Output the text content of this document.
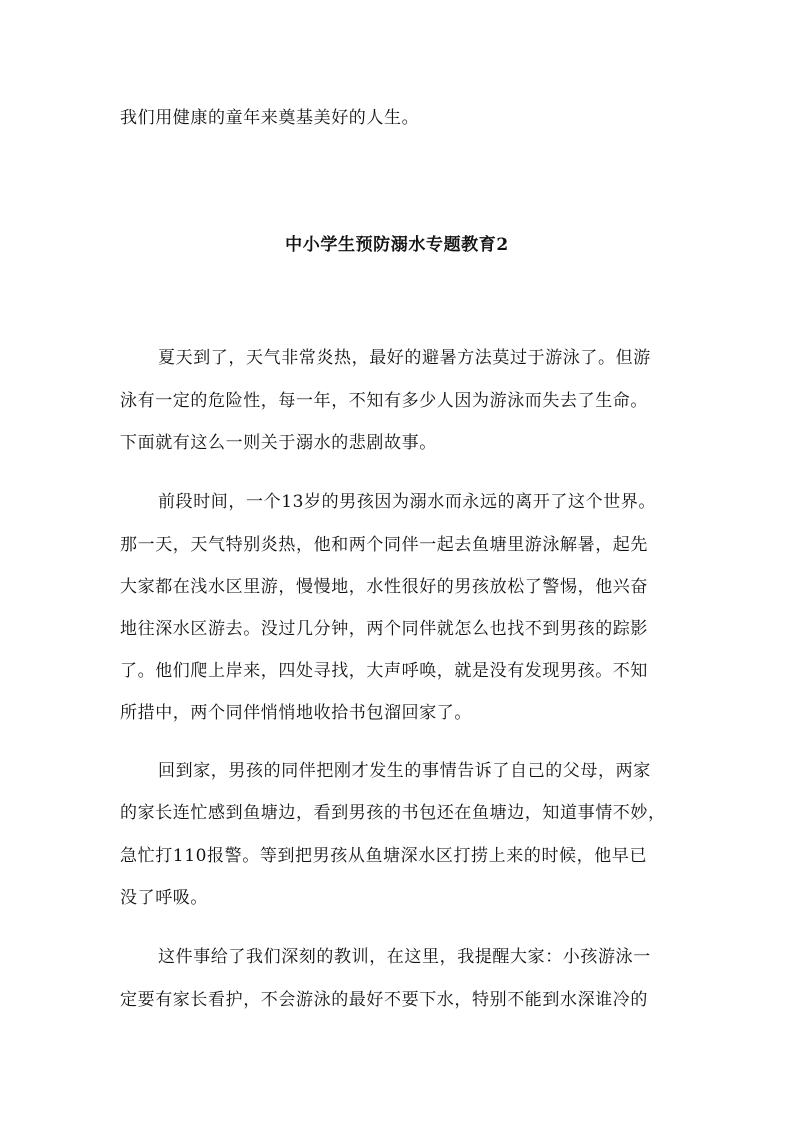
我们用健康的童年来奠基美好的人生。
中小学生预防溺水专题教育2
夏天到了，天气非常炎热，最好的避暑方法莫过于游泳了。但游
泳有一定的危险性，每一年，不知有多少人因为游泳而失去了生命。
下面就有这么一则关于溺水的悲剧故事。
前段时间，一个13岁的男孩因为溺水而永远的离开了这个世界。
那一天，天气特别炎热，他和两个同伴一起去鱼塘里游泳解暑，起先
大家都在浅水区里游，慢慢地，水性很好的男孩放松了警惕，他兴奋
地往深水区游去。没过几分钟，两个同伴就怎么也找不到男孩的踪影
了。他们爬上岸来，四处寻找，大声呼唤，就是没有发现男孩。不知
所措中，两个同伴悄悄地收拾书包溜回家了。
回到家，男孩的同伴把刚才发生的事情告诉了自己的父母，两家
的家长连忙感到鱼塘边，看到男孩的书包还在鱼塘边，知道事情不妙，
急忙打110报警。等到把男孩从鱼塘深水区打捞上来的时候，他早已
没了呼吸。
这件事给了我们深刻的教训，在这里，我提醒大家：小孩游泳一
定要有家长看护，不会游泳的最好不要下水，特别不能到水深谁冷的
